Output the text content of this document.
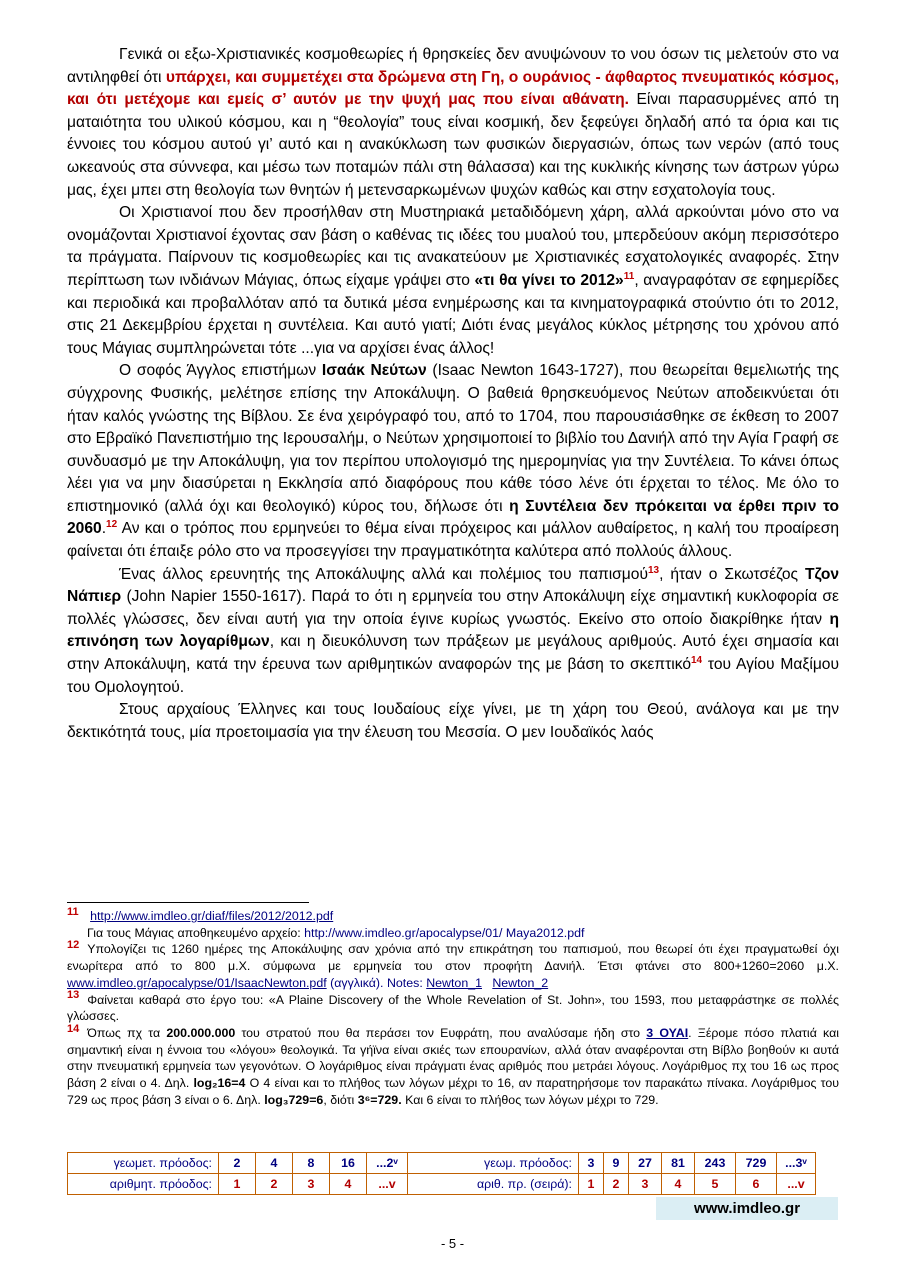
Γενικά οι εξω-Χριστιανικές κοσμοθεωρίες ή θρησκείες δεν ανυψώνουν το νου όσων τις μελετούν στο να αντιληφθεί ότι υπάρχει, και συμμετέχει στα δρώμενα στη Γη, ο ουράνιος - άφθαρτος πνευματικός κόσμος, και ότι μετέχομε και εμείς σ’ αυτόν με την ψυχή μας που είναι αθάνατη. Είναι παρασυρμένες από τη ματαιότητα του υλικού κόσμου, και η “θεολογία” τους είναι κοσμική, δεν ξεφεύγει δηλαδή από τα όρια και τις έννοιες του κόσμου αυτού γι’ αυτό και η ανακύκλωση των φυσικών διεργασιών, όπως των νερών (από τους ωκεανούς στα σύννεφα, και μέσω των ποταμών πάλι στη θάλασσα) και της κυκλικής κίνησης των άστρων γύρω μας, έχει μπει στη θεολογία των θνητών ή μετενσαρκωμένων ψυχών καθώς και στην εσχατολογία τους.

Οι Χριστιανοί που δεν προσήλθαν στη Μυστηριακά μεταδιδόμενη χάρη, αλλά αρκούνται μόνο στο να ονομάζονται Χριστιανοί έχοντας σαν βάση ο καθένας τις ιδέες του μυαλού του, μπερδεύουν ακόμη περισσότερο τα πράγματα. Παίρνουν τις κοσμοθεωρίες και τις ανακατεύουν με Χριστιανικές εσχατολογικές αναφορές. Στην περίπτωση των ινδιάνων Μάγιας, όπως είχαμε γράψει στο «τι θα γίνει το 2012»$^{11}$, αναγραφόταν σε εφημερίδες και περιοδικά και προβαλλόταν από τα δυτικά μέσα ενημέρωσης και τα κινηματογραφικά στούντιο ότι το 2012, στις 21 Δεκεμβρίου έρχεται η συντέλεια. Και αυτό γιατί; Διότι ένας μεγάλος κύκλος μέτρησης του χρόνου από τους Μάγιας συμπληρώνεται τότε ...για να αρχίσει ένας άλλος!

Ο σοφός Άγγλος επιστήμων Ισαάκ Νεύτων (Isaac Newton 1643-1727), που θεωρείται θεμελιωτής της σύγχρονης Φυσικής, μελέτησε επίσης την Αποκάλυψη. Ο βαθειά θρησκευόμενος Νεύτων αποδεικνύεται ότι ήταν καλός γνώστης της Βίβλου. Σε ένα χειρόγραφό του, από το 1704, που παρουσιάσθηκε σε έκθεση το 2007 στο Εβραϊκό Πανεπιστήμιο της Ιερουσαλήμ, ο Νεύτων χρησιμοποιεί το βιβλίο του Δανιήλ από την Αγία Γραφή σε συνδυασμό με την Αποκάλυψη, για τον περίπου υπολογισμό της ημερομηνίας για την Συντέλεια. Το κάνει όπως λέει για να μην διασύρεται η Εκκλησία από διαφόρους που κάθε τόσο λένε ότι έρχεται το τέλος. Με όλο το επιστημονικό (αλλά όχι και θεολογικό) κύρος του, δήλωσε ότι η Συντέλεια δεν πρόκειται να έρθει πριν το 2060.12 Αν και ο τρόπος που ερμηνεύει το θέμα είναι πρόχειρος και μάλλον αυθαίρετος, η καλή του προαίρεση φαίνεται ότι έπαιξε ρόλο στο να προσεγγίσει την πραγματικότητα καλύτερα από πολλούς άλλους.

Ένας άλλος ερευνητής της Αποκάλυψης αλλά και πολέμιος του παπισμού$^{13}$, ήταν ο Σκωτσέζος Τζον Νάπιερ (John Napier 1550-1617). Παρά το ότι η ερμηνεία του στην Αποκάλυψη είχε σημαντική κυκλοφορία σε πολλές γλώσσες, δεν είναι αυτή για την οποία έγινε κυρίως γνωστός. Εκείνο στο οποίο διακρίθηκε ήταν η επινόηση των λογαρίθμων, και η διευκόλυνση των πράξεων με μεγάλους αριθμούς. Αυτό έχει σημασία και στην Αποκάλυψη, κατά την έρευνα των αριθμητικών αναφορών της με βάση το σκεπτικό$^{14}$ του Αγίου Μαξίμου του Ομολογητού.

Στους αρχαίους Έλληνες και τους Ιουδαίους είχε γίνει, με τη χάρη του Θεού, ανάλογα και με την δεκτικότητά τους, μία προετοιμασία για την έλευση του Μεσσία. Ο μεν Ιουδαϊκός λαός

11 http://www.imdleo.gr/diaf/files/2012/2012.pdf
Για τους Μάγιας αποθηκευμένο αρχείο: http://www.imdleo.gr/apocalypse/01/ Maya2012.pdf
12 Υπολογίζει τις 1260 ημέρες της Αποκάλυψης σαν χρόνια από την επικράτηση του παπισμού, που θεωρεί ότι έχει πραγματωθεί όχι ενωρίτερα από το 800 μ.Χ. σύμφωνα με ερμηνεία του στον προφήτη Δανιήλ. Έτσι φτάνει στο 800+1260=2060 μ.Χ. www.imdleo.gr/apocalypse/01/IsaacNewton.pdf (αγγλικά). Notes: Newton_1 Newton_2
13 Φαίνεται καθαρά στο έργο του: «A Plaine Discovery of the Whole Revelation of St. John», του 1593, που μεταφράστηκε σε πολλές γλώσσες.
14 Όπως πχ τα 200.000.000 του στρατού που θα περάσει τον Ευφράτη, που αναλύσαμε ήδη στο 3 ΟΥΑΙ. Ξέρομε πόσο πλατιά και σημαντική είναι η έννοια του «λόγου» θεολογικά. Τα γήϊνα είναι σκιές των επουρανίων, αλλά όταν αναφέρονται στη Βίβλο βοηθούν κι αυτά στην πνευματική ερμηνεία των γεγονότων. Ο λογάριθμος είναι πράγματι ένας αριθμός που μετράει λόγους. Λογάριθμος πχ του 16 ως προς βάση 2 είναι ο 4. Δηλ. log₂16=4 Ο 4 είναι και το πλήθος των λόγων μέχρι το 16, αν παρατηρήσομε τον παρακάτω πίνακα. Λογάριθμος του 729 ως προς βάση 3 είναι ο 6. Δηλ. log₃729=6, διότι 3⁶=729. Και 6 είναι το πλήθος των λόγων μέχρι το 729.
γεωμετ. πρόοδος:	2	4	8	16	...2ᵛ	γεωμ. πρόοδος:	3	9	27	81	243	729	...3ᵛ
αριθμητ. πρόοδος:	1	2	3	4	...v	αριθ. πρ. (σειρά):	1	2	3	4	5	6	...v
www.imdleo.gr
- 5 -
